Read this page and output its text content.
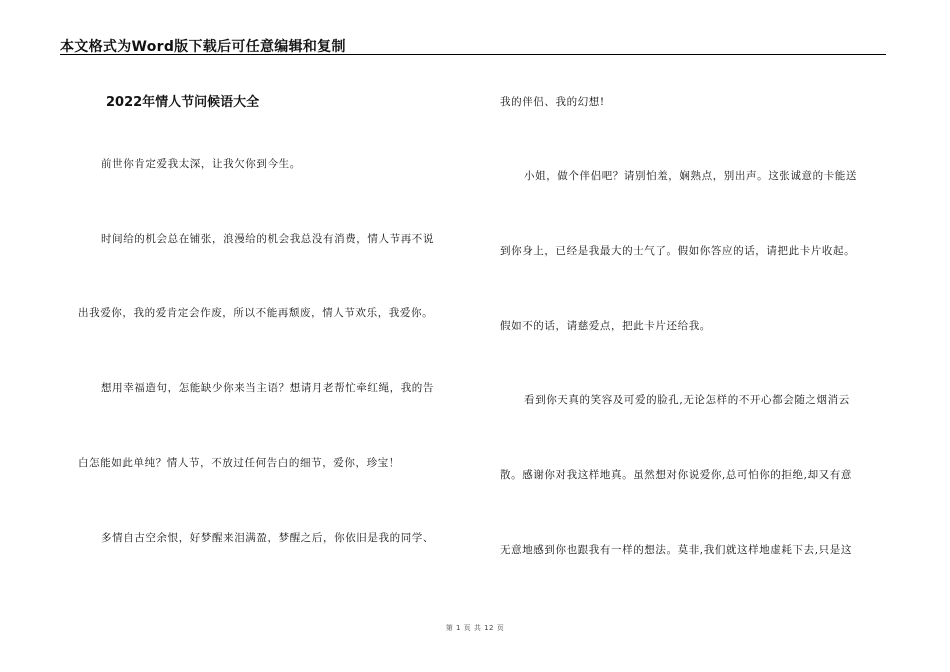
本文格式为Word版下载后可任意编辑和复制
2022年情人节问候语大全
前世你肯定爱我太深，让我欠你到今生。
时间给的机会总在铺张，浪漫给的机会我总没有消费，情人节再不说
出我爱你，我的爱肯定会作废，所以不能再颓废，情人节欢乐，我爱你。
想用幸福造句，怎能缺少你来当主语？想请月老帮忙牵红绳，我的告
白怎能如此单纯？情人节，不放过任何告白的细节，爱你，珍宝！
多情自古空余恨，好梦醒来泪满盈，梦醒之后，你依旧是我的同学、
我的伴侣、我的幻想!
小姐，做个伴侣吧？请别怕羞，娴熟点，别出声。这张诚意的卡能送
到你身上，已经是我最大的士气了。假如你答应的话，请把此卡片收起。
假如不的话，请慈爱点，把此卡片还给我。
看到你天真的笑容及可爱的脸孔,无论怎样的不开心都会随之烟消云
散。感谢你对我这样地真。虽然想对你说爱你,总可怕你的拒绝,却又有意
无意地感到你也跟我有一样的想法。莫非,我们就这样地虚耗下去,只是这
第 1 页 共 12 页
